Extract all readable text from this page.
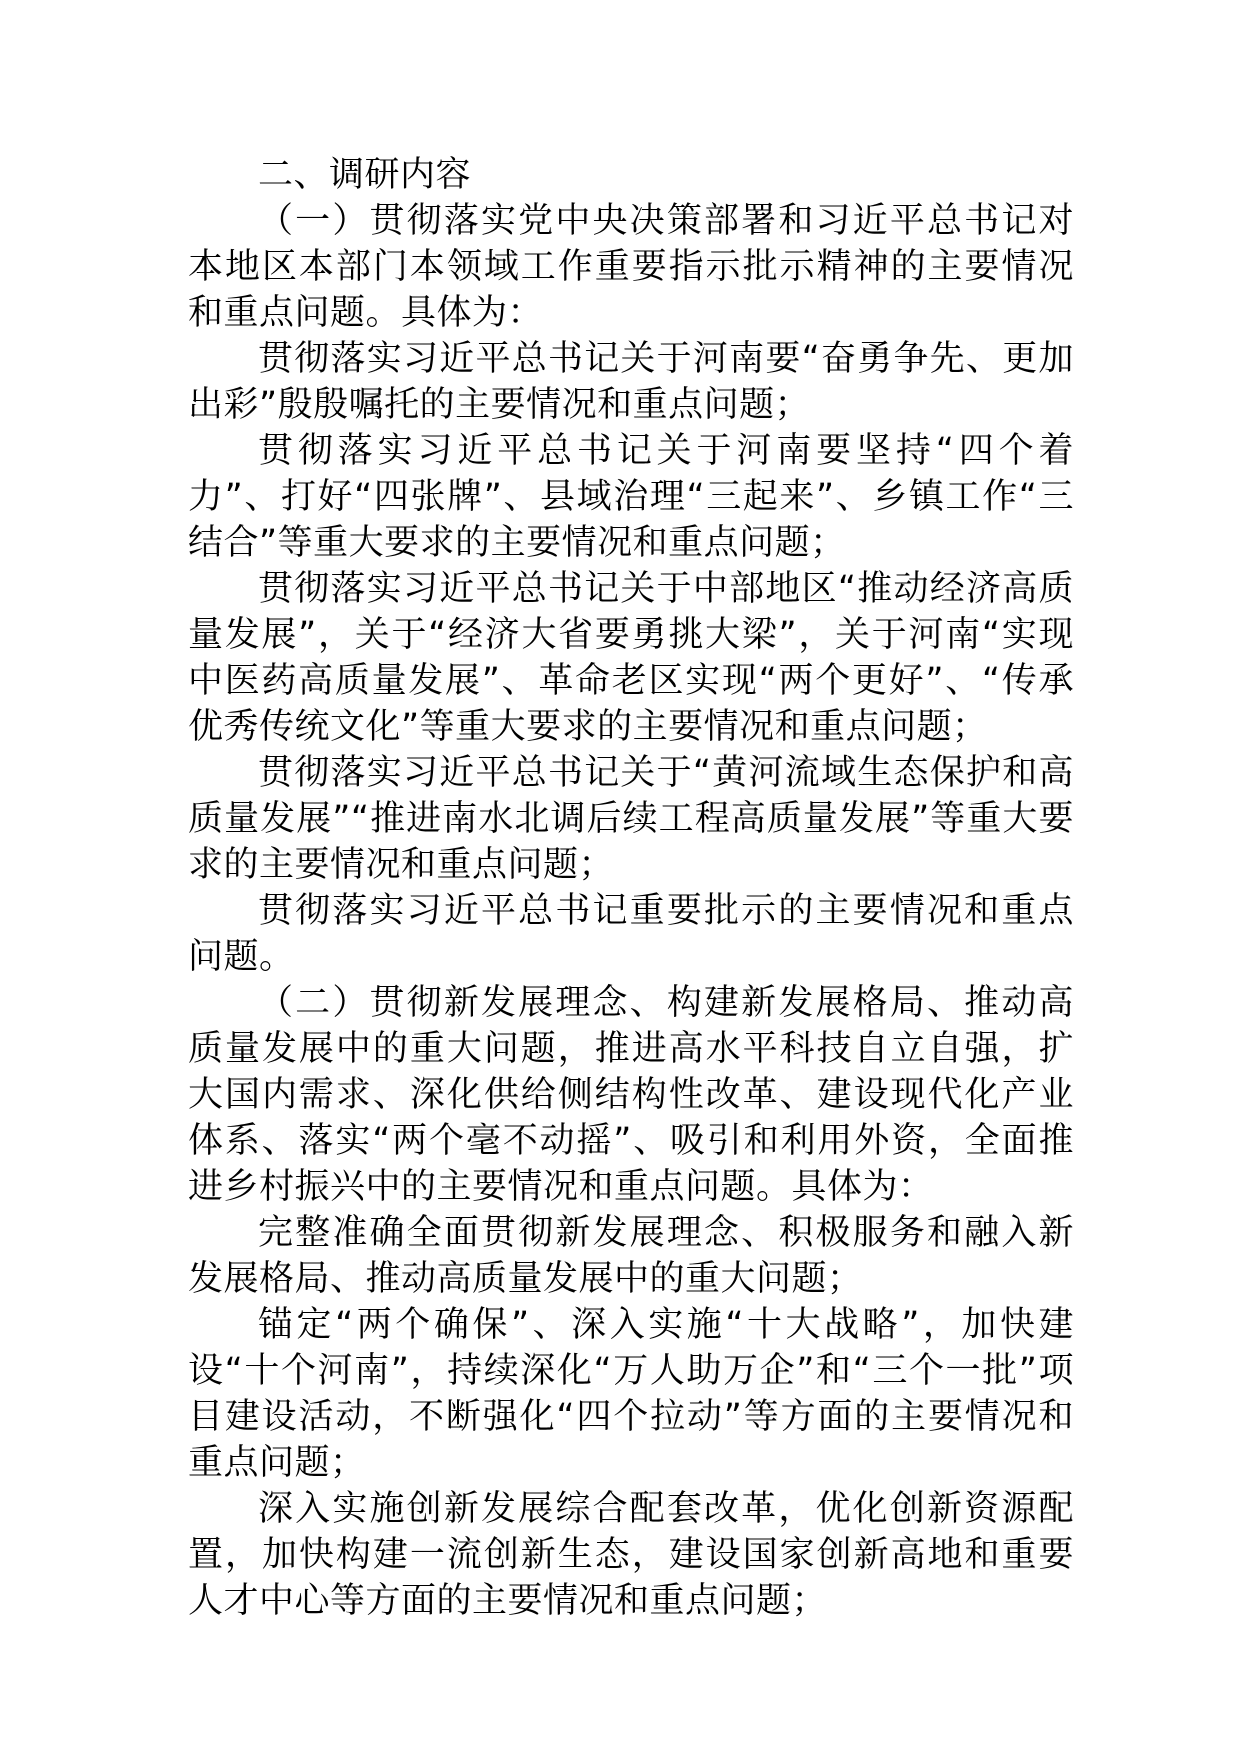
二、调研内容

（一）贯彻落实党中央决策部署和习近平总书记对本地区本部门本领域工作重要指示批示精神的主要情况和重点问题。具体为：

贯彻落实习近平总书记关于河南要“奋勇争先、更加出彩”殷殷嘱托的主要情况和重点问题；

贯彻落实习近平总书记关于河南要坚持“四个着力”、打好“四张牌”、县域治理“三起来”、乡镇工作“三结合”等重大要求的主要情况和重点问题；

贯彻落实习近平总书记关于中部地区“推动经济高质量发展”，关于“经济大省要勇挑大梁”，关于河南“实现中医药高质量发展”、革命老区实现“两个更好”、“传承优秀传统文化”等重大要求的主要情况和重点问题；

贯彻落实习近平总书记关于“黄河流域生态保护和高质量发展”“推进南水北调后续工程高质量发展”等重大要求的主要情况和重点问题；

贯彻落实习近平总书记重要批示的主要情况和重点问题。

（二）贯彻新发展理念、构建新发展格局、推动高质量发展中的重大问题，推进高水平科技自立自强，扩大国内需求、深化供给侧结构性改革、建设现代化产业体系、落实“两个毫不动摇”、吸引和利用外资，全面推进乡村振兴中的主要情况和重点问题。具体为：

完整准确全面贯彻新发展理念、积极服务和融入新发展格局、推动高质量发展中的重大问题；

锚定“两个确保”、深入实施“十大战略”，加快建设“十个河南”，持续深化“万人助万企”和“三个一批”项目建设活动，不断强化“四个拉动”等方面的主要情况和重点问题；

深入实施创新发展综合配套改革，优化创新资源配置，加快构建一流创新生态，建设国家创新高地和重要人才中心等方面的主要情况和重点问题；
